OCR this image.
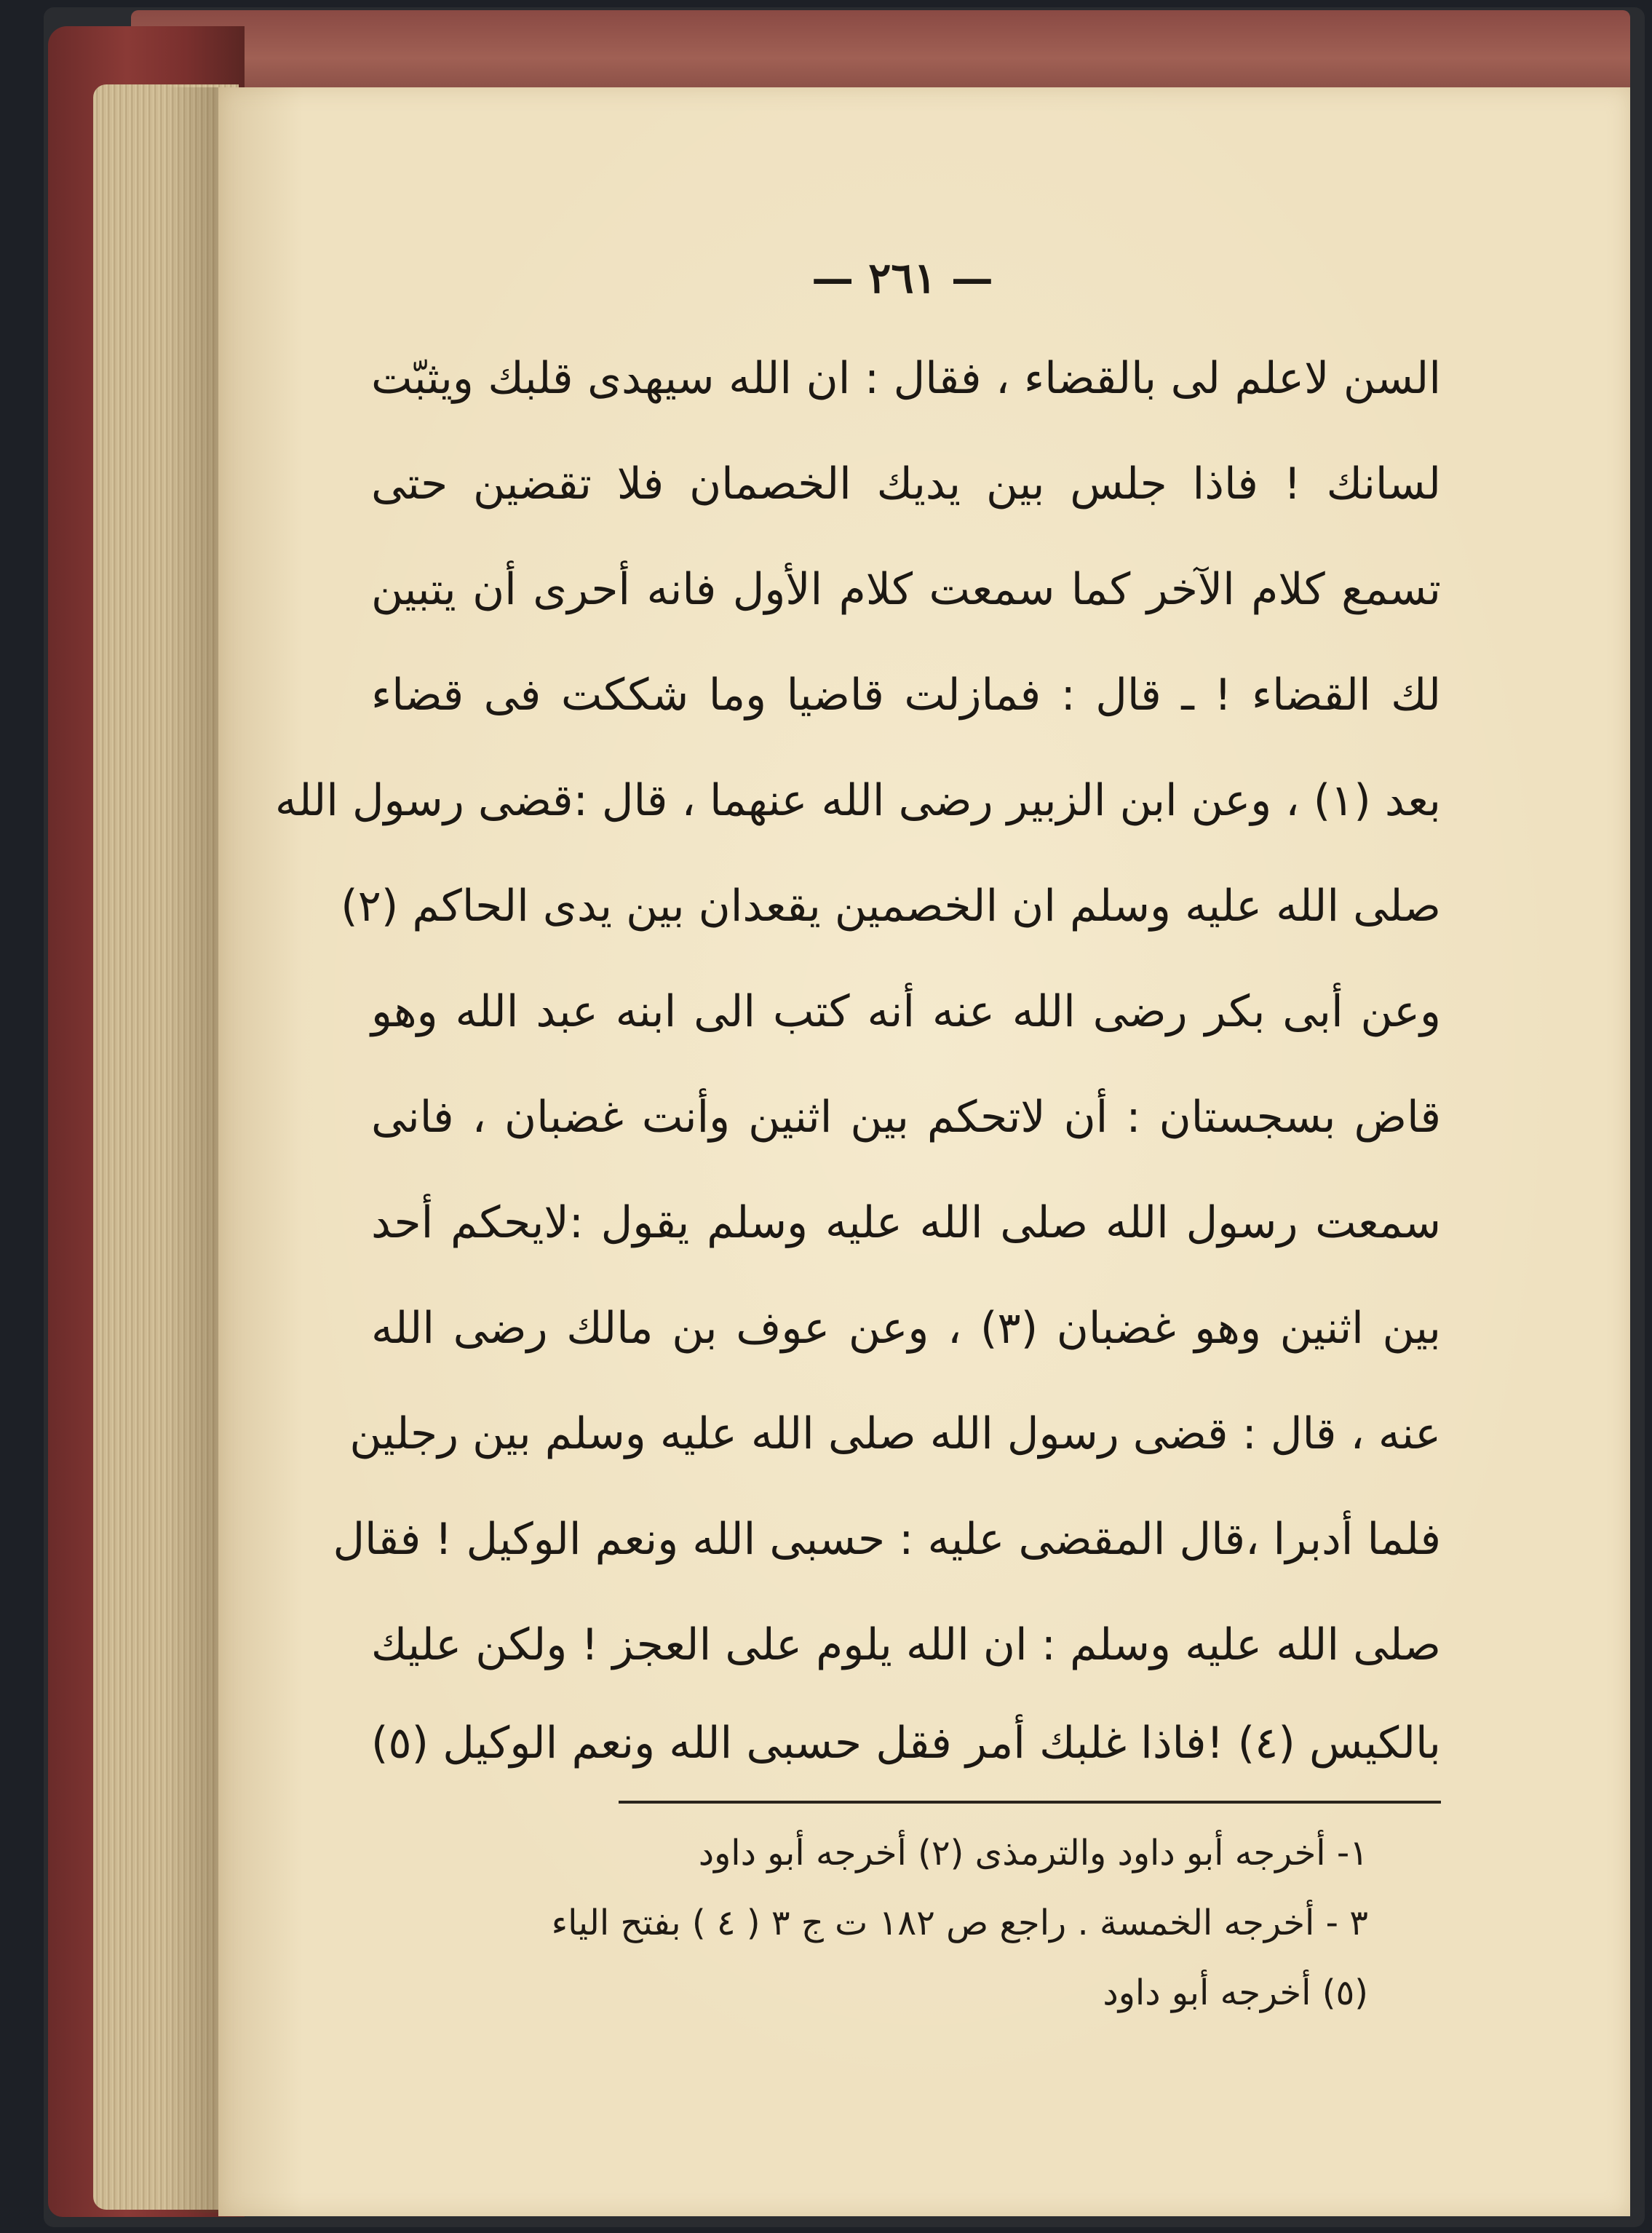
— ٢٦١ —
السن لاعلم لى بالقضاء ، فقال : ان الله سيهدى قلبك ويثبّت
لسانك ! فاذا جلس بين يديك الخصمان فلا تقضين حتى
تسمع كلام الآخر كما سمعت كلام الأول فانه أحرى أن يتبين
لك القضاء ! ـ قال : فمازلت قاضيا وما شككت فى قضاء
بعد (١) ، وعن ابن الزبير رضى الله عنهما ، قال :قضى رسول الله
صلى الله عليه وسلم ان الخصمين يقعدان بين يدى الحاكم (٢)
وعن أبى بكر رضى الله عنه أنه كتب الى ابنه عبد الله وهو
قاض بسجستان : أن لاتحكم بين اثنين وأنت غضبان ، فانى
سمعت رسول الله صلى الله عليه وسلم يقول :لايحكم أحد
بين اثنين وهو غضبان (٣) ، وعن عوف بن مالك رضى الله
عنه ، قال : قضى رسول الله صلى الله عليه وسلم بين رجلين
فلما أدبرا ،قال المقضى عليه : حسبى الله ونعم الوكيل ! فقال
صلى الله عليه وسلم : ان الله يلوم على العجز ! ولكن عليك
بالكيس (٤) !فاذا غلبك أمر فقل حسبى الله ونعم الوكيل (٥)
١- أخرجه أبو داود والترمذى (٢) أخرجه أبو داود
٣ - أخرجه الخمسة . راجع ص ١٨٢ ت ج ٣ ( ٤ ) بفتح الياء
(٥) أخرجه أبو داود
